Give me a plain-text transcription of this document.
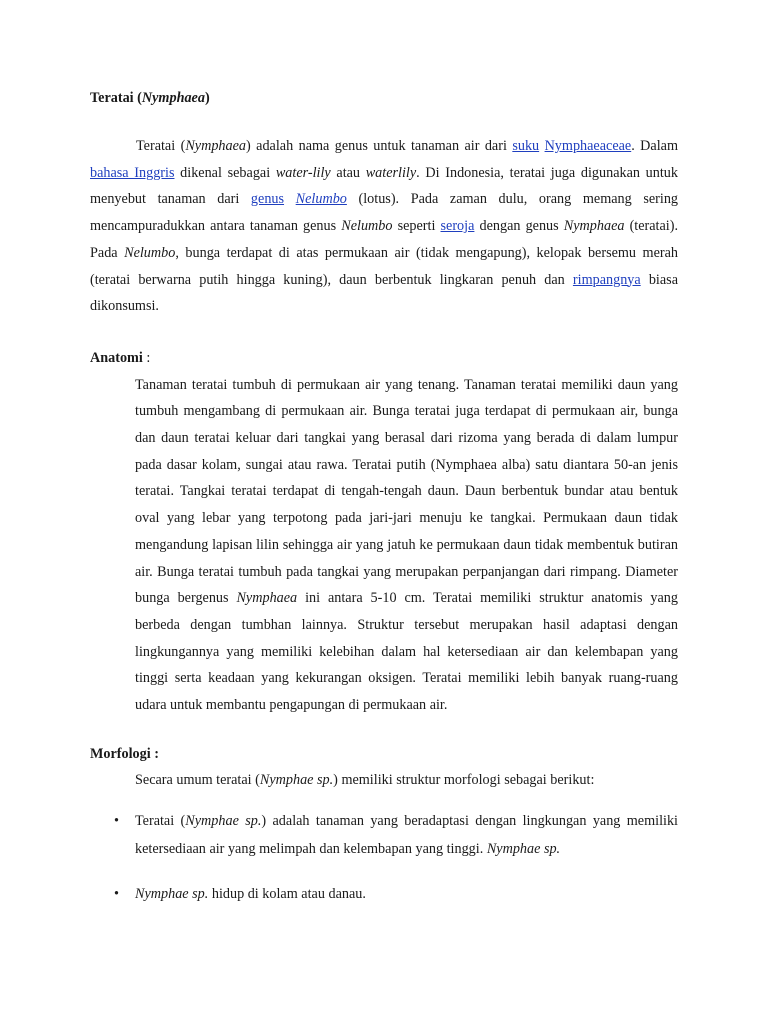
Teratai (Nymphaea)

Teratai (Nymphaea) adalah nama genus untuk tanaman air dari suku Nymphaeaceae. Dalam bahasa Inggris dikenal sebagai water-lily atau waterlily. Di Indonesia, teratai juga digunakan untuk menyebut tanaman dari genus Nelumbo (lotus). Pada zaman dulu, orang memang sering mencampuradukkan antara tanaman genus Nelumbo seperti seroja dengan genus Nymphaea (teratai). Pada Nelumbo, bunga terdapat di atas permukaan air (tidak mengapung), kelopak bersemu merah (teratai berwarna putih hingga kuning), daun berbentuk lingkaran penuh dan rimpangnya biasa dikonsumsi.

Anatomi :

Tanaman teratai tumbuh di permukaan air yang tenang. Tanaman teratai memiliki daun yang tumbuh mengambang di permukaan air. Bunga teratai juga terdapat di permukaan air, bunga dan daun teratai keluar dari tangkai yang berasal dari rizoma yang berada di dalam lumpur pada dasar kolam, sungai atau rawa. Teratai putih (Nymphaea alba) satu diantara 50-an jenis teratai. Tangkai teratai terdapat di tengah-tengah daun. Daun berbentuk bundar atau bentuk oval yang lebar yang terpotong pada jari-jari menuju ke tangkai. Permukaan daun tidak mengandung lapisan lilin sehingga air yang jatuh ke permukaan daun tidak membentuk butiran air. Bunga teratai tumbuh pada tangkai yang merupakan perpanjangan dari rimpang. Diameter bunga bergenus Nymphaea ini antara 5-10 cm. Teratai memiliki struktur anatomis yang berbeda dengan tumbhan lainnya. Struktur tersebut merupakan hasil adaptasi dengan lingkungannya yang memiliki kelebihan dalam hal ketersediaan air dan kelembapan yang tinggi serta keadaan yang kekurangan oksigen. Teratai memiliki lebih banyak ruang-ruang udara untuk membantu pengapungan di permukaan air.

Morfologi :

Secara umum teratai (Nymphae sp.) memiliki struktur morfologi sebagai berikut:

• Teratai (Nymphae sp.) adalah tanaman yang beradaptasi dengan lingkungan yang memiliki ketersediaan air yang melimpah dan kelembapan yang tinggi. Nymphae sp.
• Nymphae sp. hidup di kolam atau danau.
